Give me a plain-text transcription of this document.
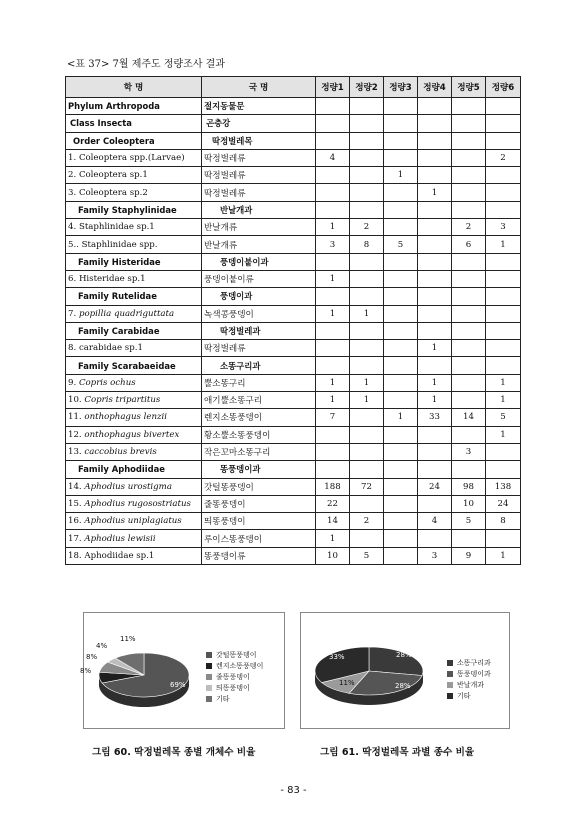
<표 37> 7월 제주도 정량조사 결과
학 명	국 명	정량1	정량2	정량3	정량4	정량5	정량6
Phylum Arthropoda	절지동물문						
Class Insecta	곤충강						
Order Coleoptera	딱정벌레목						
1. Coleoptera spp.(Larvae)	딱정벌레류	4					2
2. Coleoptera sp.1	딱정벌레류			1			
3. Coleoptera sp.2	딱정벌레류				1		
Family Staphylinidae	반날개과						
4. Staphlinidae sp.1	반날개류	1	2			2	3
5.. Staphlinidae spp.	반날개류	3	8	5		6	1
Family Histeridae	풍뎅이붙이과						
6. Histeridae sp.1	풍뎅이붙이류	1					
Family Rutelidae	풍뎅이과						
7. popillia quadriguttata	녹색콩풍뎅이	1	1				
Family Carabidae	딱정벌레과						
8. carabidae sp.1	딱정벌레류				1		
Family Scarabaeidae	소똥구리과						
9. Copris ochus	뿔소똥구리	1	1		1		1
10. Copris tripartitus	애기뿔소똥구리	1	1		1		1
11. onthophagus lenzii	렌지소똥풍뎅이	7		1	33	14	5
12. onthophagus bivertex	황소뿔소똥풍뎅이						1
13. caccobius brevis	작은꼬마소똥구리					3	
Family Aphodiidae	똥풍뎅이과						
14. Aphodius urostigma	갓털똥풍뎅이	188	72		24	98	138
15. Aphodius rugosostriatus	줄똥풍뎅이	22				10	24
16. Aphodius uniplagiatus	띄똥풍뎅이	14	2		4	5	8
17. Aphodius lewisii	루이스똥풍뎅이	1					
18. Aphodiidae sp.1	똥풍뎅이류	10	5		3	9	1
69%
8%
8%
4%
11%
갓털똥풍뎅이
렌지소똥풍뎅이
줄똥풍뎅이
띄똥풍뎅이
기타
28%
28%
11%
33%
소똥구리과
똥풍뎅이과
반날개과
기타
그림 60. 딱정벌레목 종별 개체수 비율	그림 61. 딱정벌레목 과별 종수 비율
- 83 -
